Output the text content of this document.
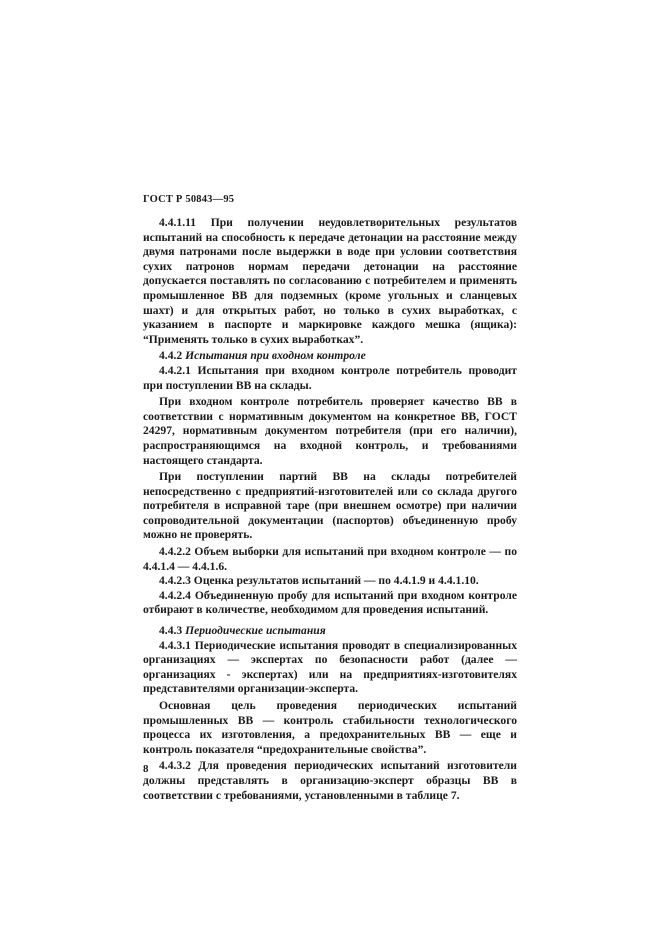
ГОСТ Р 50843—95

4.4.1.11 При получении неудовлетворительных результатов испытаний на способность к передаче детонации на расстояние между двумя патронами после выдержки в воде при условии соответствия сухих патронов нормам передачи детонации на расстояние допускается поставлять по согласованию с потребителем и применять промышленное ВВ для подземных (кроме угольных и сланцевых шахт) и для открытых работ, но только в сухих выработках, с указанием в паспорте и маркировке каждого мешка (ящика): “Применять только в сухих выработках”.

4.4.2 Испытания при входном контроле

4.4.2.1 Испытания при входном контроле потребитель проводит при поступлении ВВ на склады.

При входном контроле потребитель проверяет качество ВВ в соответствии с нормативным документом на конкретное ВВ, ГОСТ 24297, нормативным документом потребителя (при его наличии), распространяющимся на входной контроль, и требованиями настоящего стандарта.

При поступлении партий ВВ на склады потребителей непосредственно с предприятий-изготовителей или со склада другого потребителя в исправной таре (при внешнем осмотре) при наличии сопроводительной документации (паспортов) объединенную пробу можно не проверять.

4.4.2.2 Объем выборки для испытаний при входном контроле — по 4.4.1.4 — 4.4.1.6.

4.4.2.3 Оценка результатов испытаний — по 4.4.1.9 и 4.4.1.10.

4.4.2.4 Объединенную пробу для испытаний при входном контроле отбирают в количестве, необходимом для проведения испытаний.

4.4.3 Периодические испытания

4.4.3.1 Периодические испытания проводят в специализированных организациях — экспертах по безопасности работ (далее — организациях - экспертах) или на предприятиях-изготовителях представителями организации-эксперта.

Основная цель проведения периодических испытаний промышленных ВВ — контроль стабильности технологического процесса их изготовления, а предохранительных ВВ — еще и контроль показателя “предохранительные свойства”.

4.4.3.2 Для проведения периодических испытаний изготовители должны представлять в организацию-эксперт образцы ВВ в соответствии с требованиями, установленными в таблице 7.

8
